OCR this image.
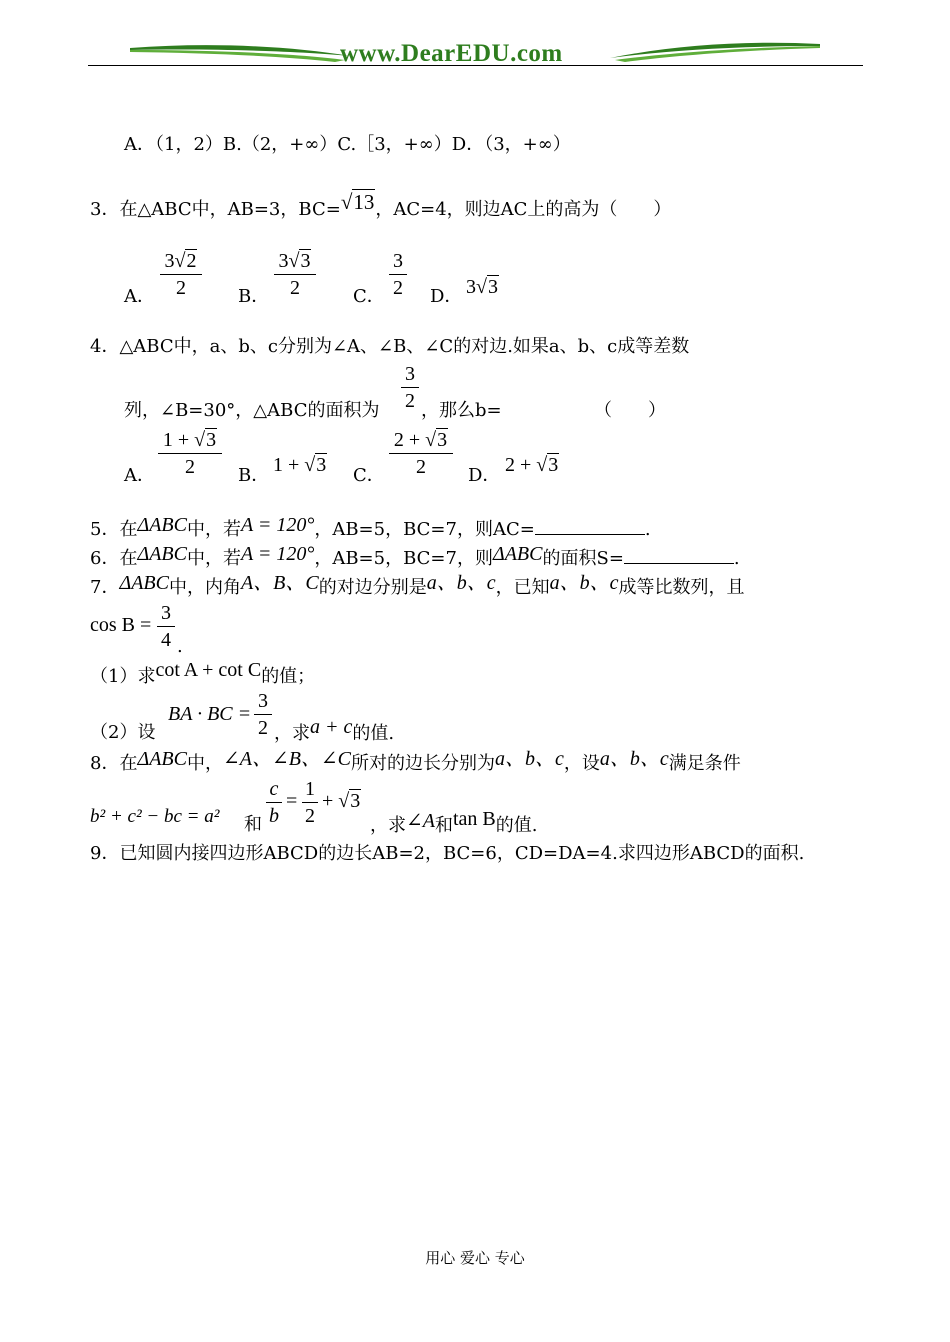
www.DearEDU.com
A．（1，2）B.（2，+∞）C.［3，+∞）D．（3，+∞）
3．在△ABC中，AB=3，BC=√13，AC=4，则边AC上的高为（　　）
A．
3√2
2	B．
3√3
2	C．
3
2 D． 3√3
4．△ABC中，a、b、c分别为∠A、∠B、∠C的对边.如果a、b、c成等差数
列，∠B=30°，△ABC的面积为
3
2 ，那么b=	（　　）
A．
1 + √3
2	B． 1 + √3 C．
2 + √3
2	D． 2 + √3
5．在ΔABC中，若A = 120°，AB=5，BC=7，则AC=	.
6．在ΔABC中，若A = 120°，AB=5，BC=7，则ΔABC的面积S=	.
7．ΔABC中，内角A、B、C的对边分别是a、b、c，已知a、b、c成等比数列，且
cos B =
3
4 .
（1）求cot A + cot C的值；
（2）设
BA · BC =
3
2 ，求a + c的值.
8．在ΔABC中，∠A、∠B、∠C所对的边长分别为a、b、c，设a、b、c满足条件
b² + c² − bc = a² 和
c
b
=
1
2
+ √3
，求∠A和tan B的值.
9．已知圆内接四边形ABCD的边长AB=2，BC=6，CD=DA=4.求四边形ABCD的面积.
用心 爱心 专心
